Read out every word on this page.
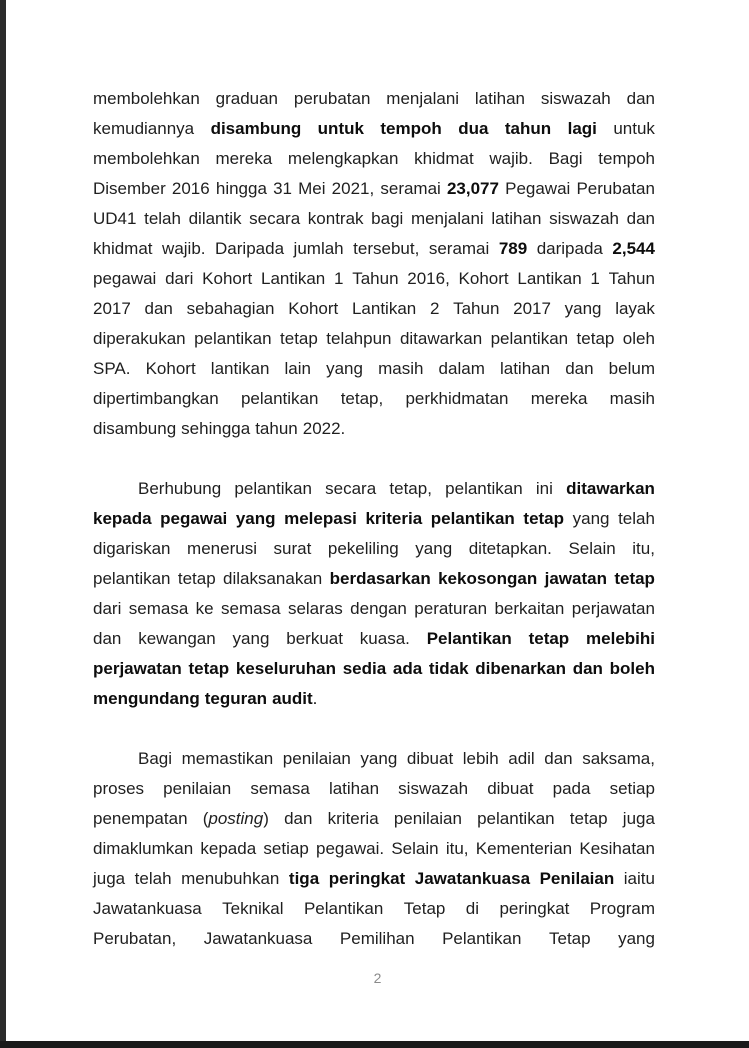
membolehkan graduan perubatan menjalani latihan siswazah dan
kemudiannya disambung untuk tempoh dua tahun lagi untuk
membolehkan mereka melengkapkan khidmat wajib. Bagi tempoh
Disember 2016 hingga 31 Mei 2021, seramai 23,077 Pegawai Perubatan
UD41 telah dilantik secara kontrak bagi menjalani latihan siswazah dan
khidmat wajib. Daripada jumlah tersebut, seramai 789 daripada 2,544
pegawai dari Kohort Lantikan 1 Tahun 2016, Kohort Lantikan 1 Tahun
2017 dan sebahagian Kohort Lantikan 2 Tahun 2017 yang layak
diperakukan pelantikan tetap telahpun ditawarkan pelantikan tetap oleh
SPA. Kohort lantikan lain yang masih dalam latihan dan belum
dipertimbangkan pelantikan tetap, perkhidmatan mereka masih
disambung sehingga tahun 2022.
Berhubung pelantikan secara tetap, pelantikan ini ditawarkan
kepada pegawai yang melepasi kriteria pelantikan tetap yang telah
digariskan menerusi surat pekeliling yang ditetapkan. Selain itu,
pelantikan tetap dilaksanakan berdasarkan kekosongan jawatan tetap
dari semasa ke semasa selaras dengan peraturan berkaitan perjawatan
dan kewangan yang berkuat kuasa. Pelantikan tetap melebihi
perjawatan tetap keseluruhan sedia ada tidak dibenarkan dan boleh
mengundang teguran audit.
Bagi memastikan penilaian yang dibuat lebih adil dan saksama,
proses penilaian semasa latihan siswazah dibuat pada setiap
penempatan (posting) dan kriteria penilaian pelantikan tetap juga
dimaklumkan kepada setiap pegawai. Selain itu, Kementerian Kesihatan
juga telah menubuhkan tiga peringkat Jawatankuasa Penilaian iaitu
Jawatankuasa Teknikal Pelantikan Tetap di peringkat Program
Perubatan, Jawatankuasa Pemilihan Pelantikan Tetap yang
2
